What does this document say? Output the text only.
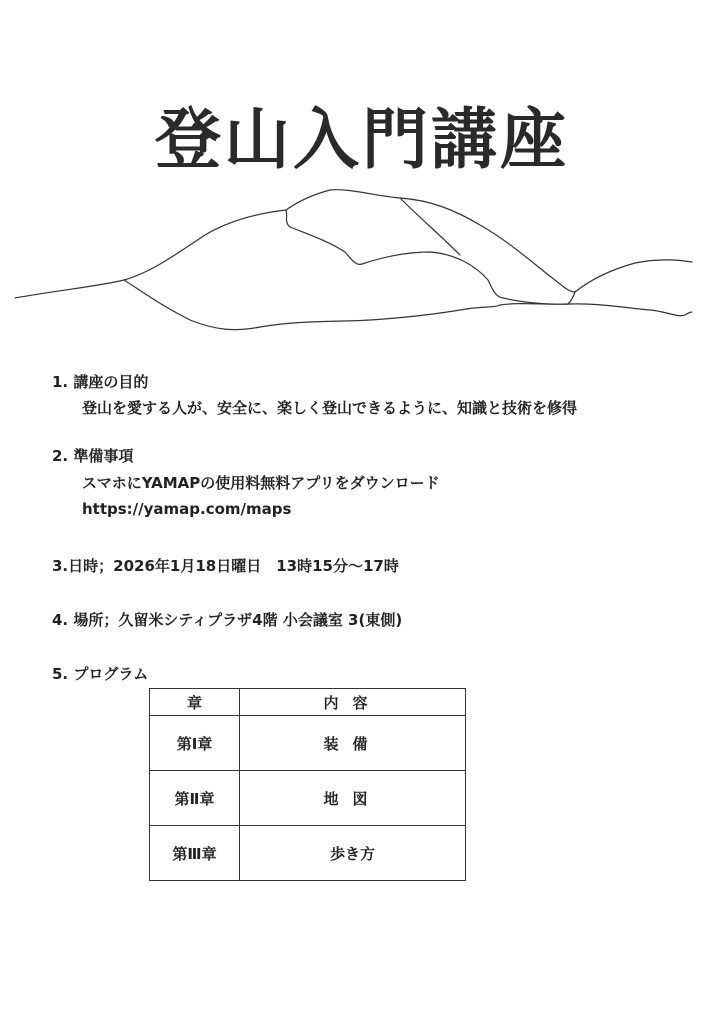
登山入門講座
1. 講座の目的
登山を愛する人が、安全に、楽しく登山できるように、知識と技術を修得
2. 準備事項
スマホにYAMAPの使用料無料アプリをダウンロード
https://yamap.com/maps
3.日時；2026年1月18日曜日　13時15分～17時
4. 場所；久留米シティプラザ4階 小会議室 3(東側)
5. プログラム
章	内容
第Ⅰ章	装備
第Ⅱ章	地図
第Ⅲ章	歩き方
